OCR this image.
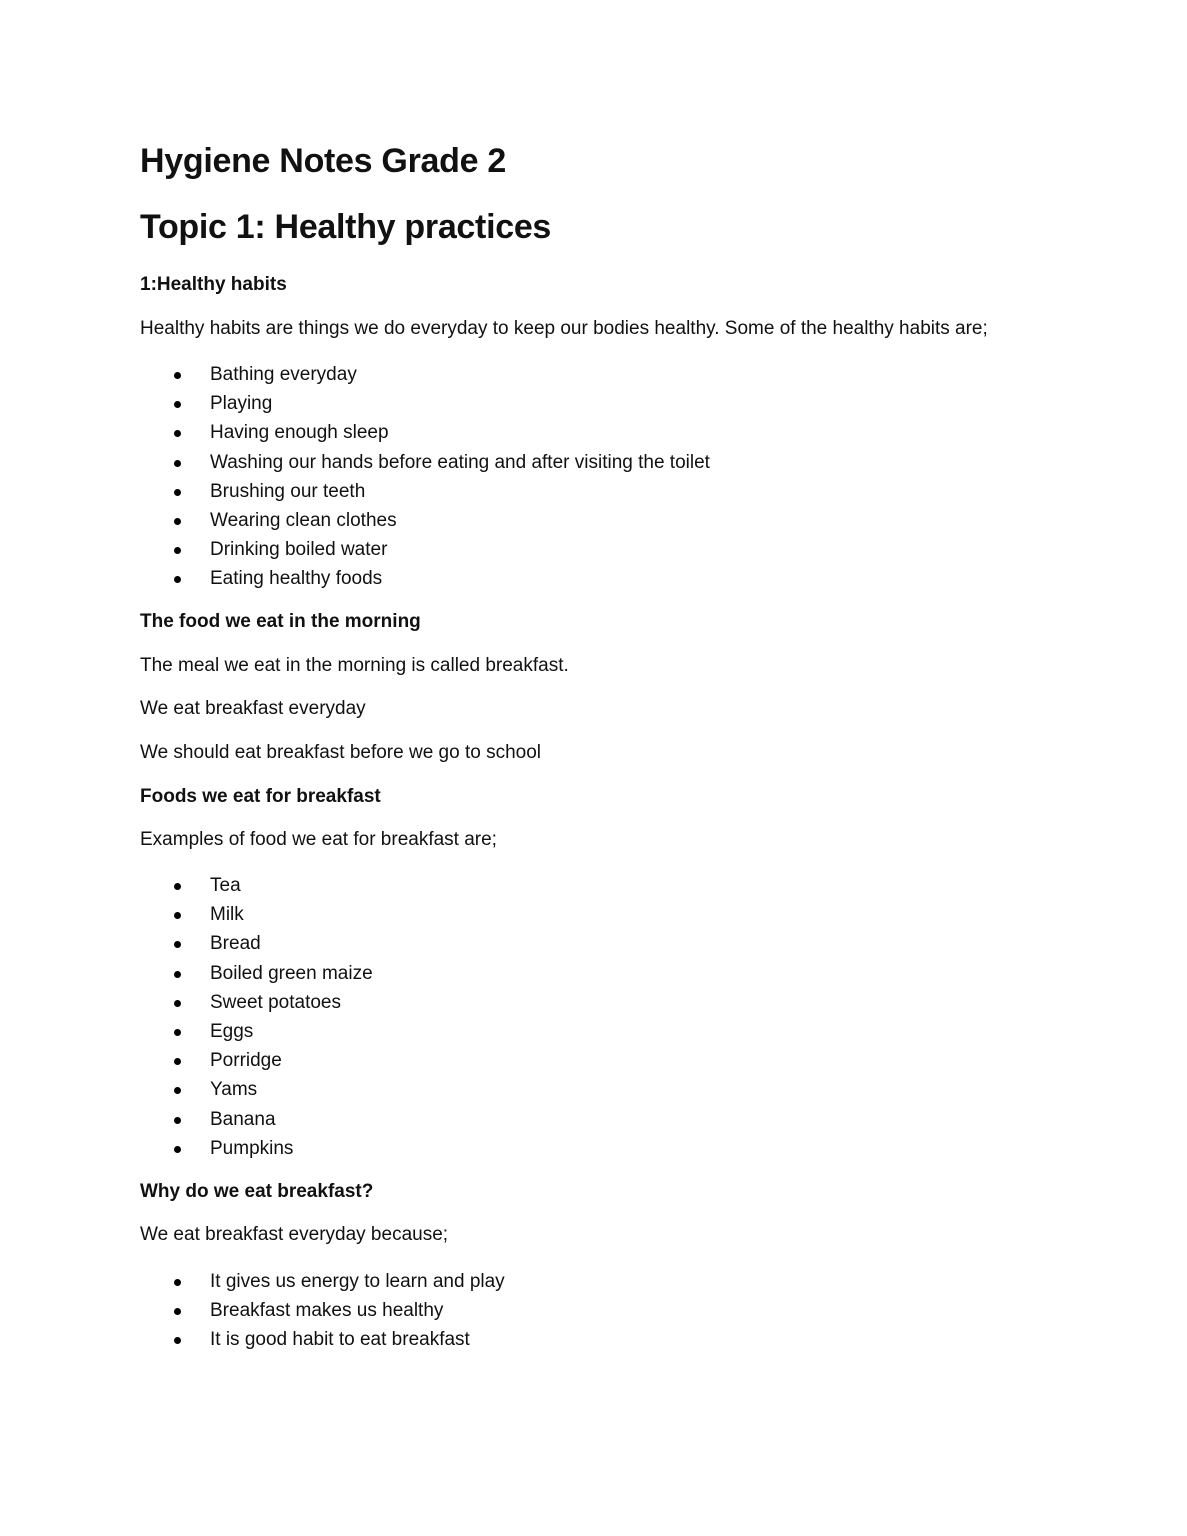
Hygiene Notes Grade 2
Topic 1: Healthy practices
1:Healthy habits

Healthy habits are things we do everyday to keep our bodies healthy. Some of the healthy habits are;

Bathing everyday
Playing
Having enough sleep
Washing our hands before eating and after visiting the toilet
Brushing our teeth
Wearing clean clothes
Drinking boiled water
Eating healthy foods
The food we eat in the morning

The meal we eat in the morning is called breakfast.

We eat breakfast everyday

We should eat breakfast before we go to school

Foods we eat for breakfast

Examples of food we eat for breakfast are;

Tea
Milk
Bread
Boiled green maize
Sweet potatoes
Eggs
Porridge
Yams
Banana
Pumpkins
Why do we eat breakfast?

We eat breakfast everyday because;

It gives us energy to learn and play
Breakfast makes us healthy
It is good habit to eat breakfast
